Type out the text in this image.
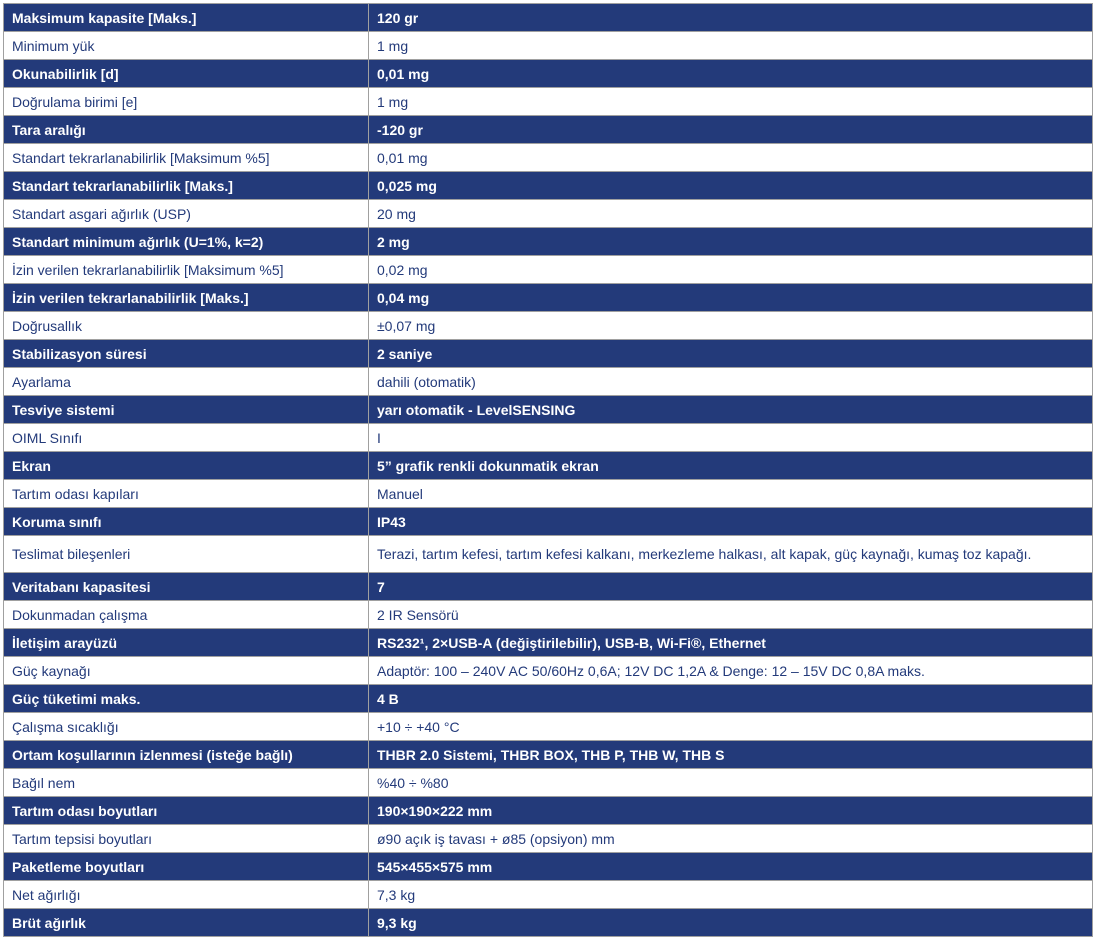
Maksimum kapasite [Maks.]	120 gr
Minimum yük	1 mg
Okunabilirlik [d]	0,01 mg
Doğrulama birimi [e]	1 mg
Tara aralığı	-120 gr
Standart tekrarlanabilirlik [Maksimum %5]	0,01 mg
Standart tekrarlanabilirlik [Maks.]	0,025 mg
Standart asgari ağırlık (USP)	20 mg
Standart minimum ağırlık (U=1%, k=2)	2 mg
İzin verilen tekrarlanabilirlik [Maksimum %5]	0,02 mg
İzin verilen tekrarlanabilirlik [Maks.]	0,04 mg
Doğrusallık	±0,07 mg
Stabilizasyon süresi	2 saniye
Ayarlama	dahili (otomatik)
Tesviye sistemi	yarı otomatik - LevelSENSING
OIML Sınıfı	I
Ekran	5” grafik renkli dokunmatik ekran
Tartım odası kapıları	Manuel
Koruma sınıfı	IP43
Teslimat bileşenleri	Terazi, tartım kefesi, tartım kefesi kalkanı, merkezleme halkası, alt kapak, güç kaynağı, kumaş toz kapağı.
Veritabanı kapasitesi	7
Dokunmadan çalışma	2 IR Sensörü
İletişim arayüzü	RS232¹, 2×USB-A (değiştirilebilir), USB-B, Wi-Fi®, Ethernet
Güç kaynağı	Adaptör: 100 – 240V AC 50/60Hz 0,6A; 12V DC 1,2A & Denge: 12 – 15V DC 0,8A maks.
Güç tüketimi maks.	4 B
Çalışma sıcaklığı	+10 ÷ +40 °C
Ortam koşullarının izlenmesi (isteğe bağlı)	THBR 2.0 Sistemi, THBR BOX, THB P, THB W, THB S
Bağıl nem	%40 ÷ %80
Tartım odası boyutları	190×190×222 mm
Tartım tepsisi boyutları	ø90 açık iş tavası + ø85 (opsiyon) mm
Paketleme boyutları	545×455×575 mm
Net ağırlığı	7,3 kg
Brüt ağırlık	9,3 kg
